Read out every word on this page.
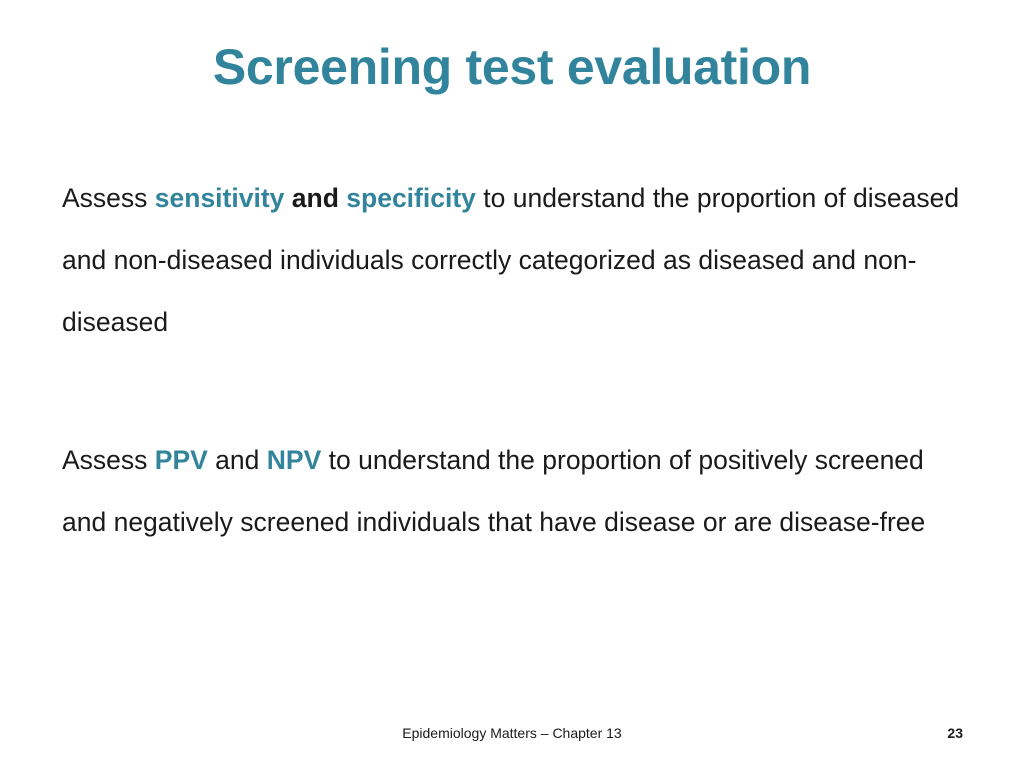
Screening test evaluation
Assess sensitivity and specificity to understand the proportion of diseased and non-diseased individuals correctly categorized as diseased and non-diseased
Assess PPV and NPV to understand the proportion of positively screened and negatively screened individuals that have disease or are disease-free
Epidemiology Matters – Chapter 13	23
